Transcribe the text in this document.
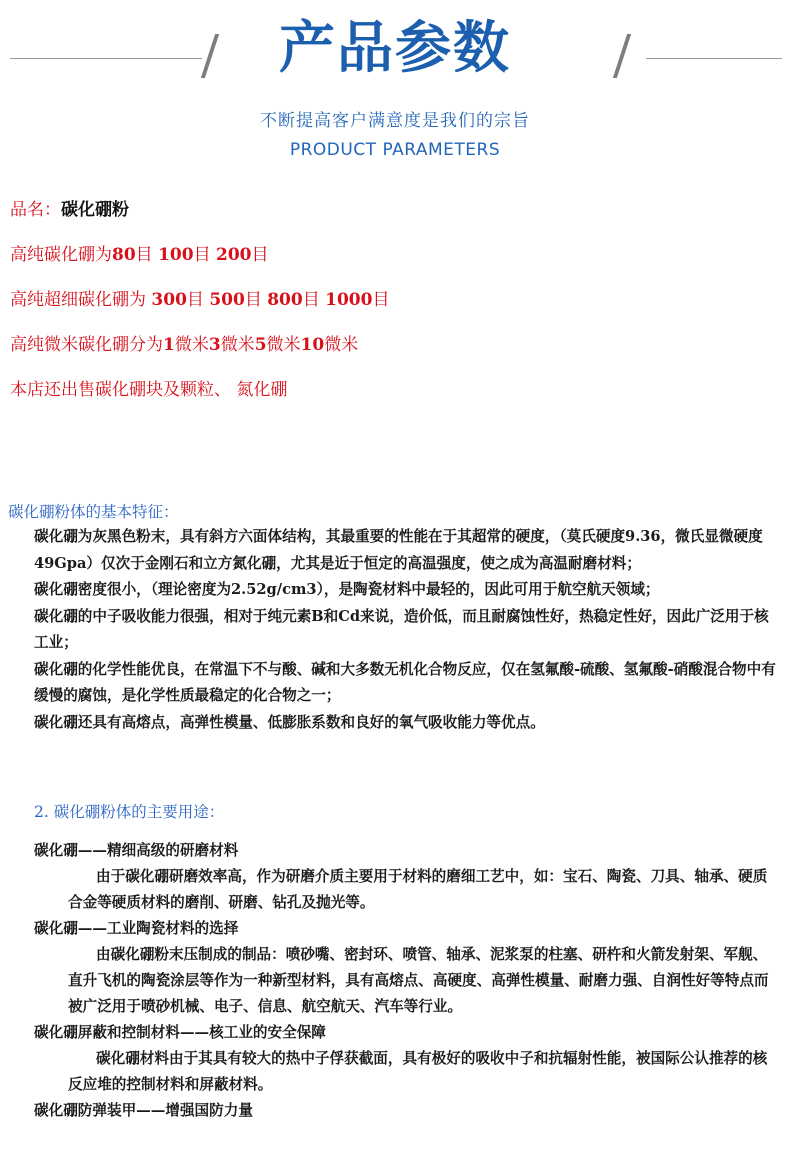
产品参数
不断提高客户满意度是我们的宗旨
PRODUCT PARAMETERS
品名：碳化硼粉
高纯碳化硼为80目 100目 200目
高纯超细碳化硼为 300目 500目 800目 1000目
高纯微米碳化硼分为1微米3微米5微米10微米
本店还出售碳化硼块及颗粒、 氮化硼
碳化硼粉体的基本特征：
碳化硼为灰黑色粉末，具有斜方六面体结构，其最重要的性能在于其超常的硬度，（莫氏硬度9.36，微氏显微硬度49Gpa）仅次于金刚石和立方氮化硼，尤其是近于恒定的高温强度，使之成为高温耐磨材料；
碳化硼密度很小，（理论密度为2.52g/cm3），是陶瓷材料中最轻的，因此可用于航空航天领域；
碳化硼的中子吸收能力很强，相对于纯元素B和Cd来说，造价低，而且耐腐蚀性好，热稳定性好，因此广泛用于核工业；
碳化硼的化学性能优良，在常温下不与酸、碱和大多数无机化合物反应，仅在氢氟酸-硫酸、氢氟酸-硝酸混合物中有缓慢的腐蚀，是化学性质最稳定的化合物之一；
碳化硼还具有高熔点，高弹性模量、低膨胀系数和良好的氧气吸收能力等优点。
2. 碳化硼粉体的主要用途：
碳化硼——精细高级的研磨材料
由于碳化硼研磨效率高，作为研磨介质主要用于材料的磨细工艺中，如：宝石、陶瓷、刀具、轴承、硬质合金等硬质材料的磨削、研磨、钻孔及抛光等。
碳化硼——工业陶瓷材料的选择
由碳化硼粉末压制成的制品：喷砂嘴、密封环、喷管、轴承、泥浆泵的柱塞、研杵和火箭发射架、军舰、直升飞机的陶瓷涂层等作为一种新型材料，具有高熔点、高硬度、高弹性模量、耐磨力强、自润性好等特点而被广泛用于喷砂机械、电子、信息、航空航天、汽车等行业。
碳化硼屏蔽和控制材料——核工业的安全保障
碳化硼材料由于其具有较大的热中子俘获截面，具有极好的吸收中子和抗辐射性能，被国际公认推荐的核反应堆的控制材料和屏蔽材料。
碳化硼防弹装甲——增强国防力量
